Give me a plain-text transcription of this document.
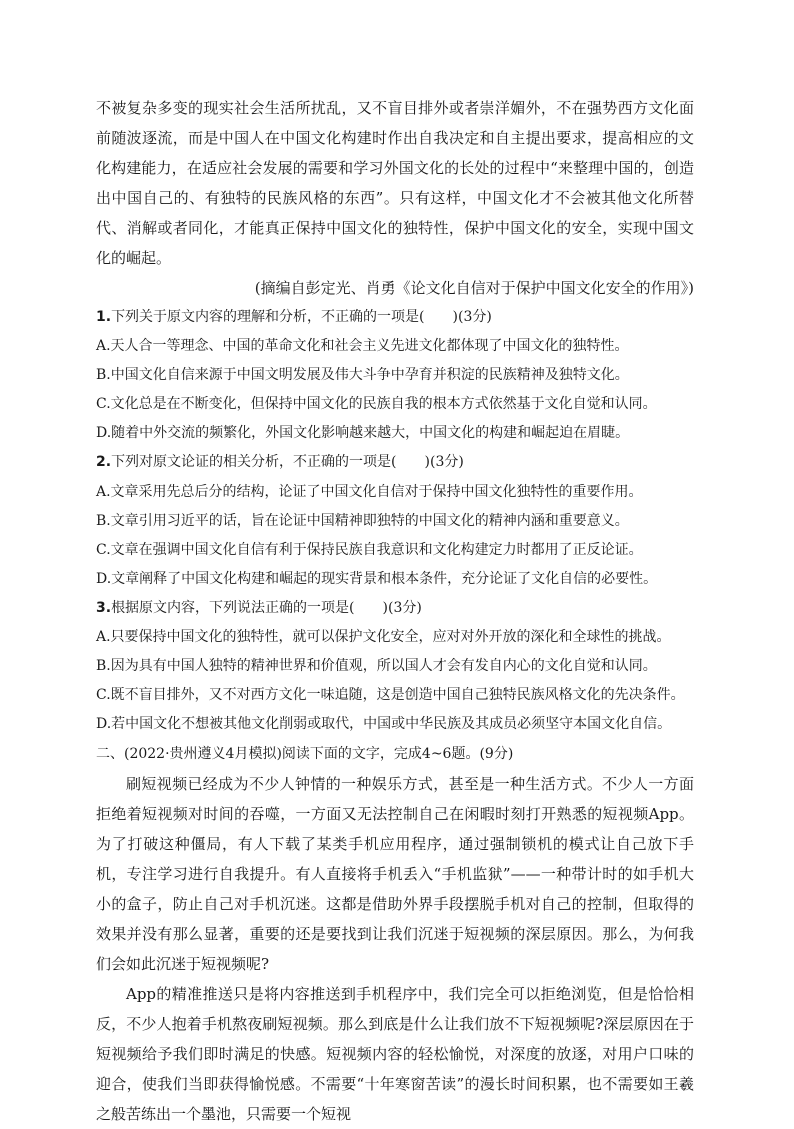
不被复杂多变的现实社会生活所扰乱，又不盲目排外或者崇洋媚外，不在强势西方文化面前随波逐流，而是中国人在中国文化构建时作出自我决定和自主提出要求，提高相应的文化构建能力，在适应社会发展的需要和学习外国文化的长处的过程中“来整理中国的，创造出中国自己的、有独特的民族风格的东西”。只有这样，中国文化才不会被其他文化所替代、消解或者同化，才能真正保持中国文化的独特性，保护中国文化的安全，实现中国文化的崛起。

(摘编自彭定光、肖勇《论文化自信对于保护中国文化安全的作用》)

1.下列关于原文内容的理解和分析，不正确的一项是(　　)(3分)

A.天人合一等理念、中国的革命文化和社会主义先进文化都体现了中国文化的独特性。

B.中国文化自信来源于中国文明发展及伟大斗争中孕育并积淀的民族精神及独特文化。

C.文化总是在不断变化，但保持中国文化的民族自我的根本方式依然基于文化自觉和认同。

D.随着中外交流的频繁化，外国文化影响越来越大，中国文化的构建和崛起迫在眉睫。

2.下列对原文论证的相关分析，不正确的一项是(　　)(3分)

A.文章采用先总后分的结构，论证了中国文化自信对于保持中国文化独特性的重要作用。

B.文章引用习近平的话，旨在论证中国精神即独特的中国文化的精神内涵和重要意义。

C.文章在强调中国文化自信有利于保持民族自我意识和文化构建定力时都用了正反论证。

D.文章阐释了中国文化构建和崛起的现实背景和根本条件，充分论证了文化自信的必要性。

3.根据原文内容，下列说法正确的一项是(　　)(3分)

A.只要保持中国文化的独特性，就可以保护文化安全，应对对外开放的深化和全球性的挑战。

B.因为具有中国人独特的精神世界和价值观，所以国人才会有发自内心的文化自觉和认同。

C.既不盲目排外，又不对西方文化一味追随，这是创造中国自己独特民族风格文化的先决条件。

D.若中国文化不想被其他文化削弱或取代，中国或中华民族及其成员必须坚守本国文化自信。

二、(2022·贵州遵义4月模拟)阅读下面的文字，完成4~6题。(9分)

刷短视频已经成为不少人钟情的一种娱乐方式，甚至是一种生活方式。不少人一方面拒绝着短视频对时间的吞噬，一方面又无法控制自己在闲暇时刻打开熟悉的短视频App。为了打破这种僵局，有人下载了某类手机应用程序，通过强制锁机的模式让自己放下手机，专注学习进行自我提升。有人直接将手机丢入“手机监狱”——一种带计时的如手机大小的盒子，防止自己对手机沉迷。这都是借助外界手段摆脱手机对自己的控制，但取得的效果并没有那么显著，重要的还是要找到让我们沉迷于短视频的深层原因。那么，为何我们会如此沉迷于短视频呢?

App的精准推送只是将内容推送到手机程序中，我们完全可以拒绝浏览，但是恰恰相反，不少人抱着手机熬夜刷短视频。那么到底是什么让我们放不下短视频呢?深层原因在于短视频给予我们即时满足的快感。短视频内容的轻松愉悦，对深度的放逐，对用户口味的迎合，使我们当即获得愉悦感。不需要“十年寒窗苦读”的漫长时间积累，也不需要如王羲之般苦练出一个墨池，只需要一个短视
